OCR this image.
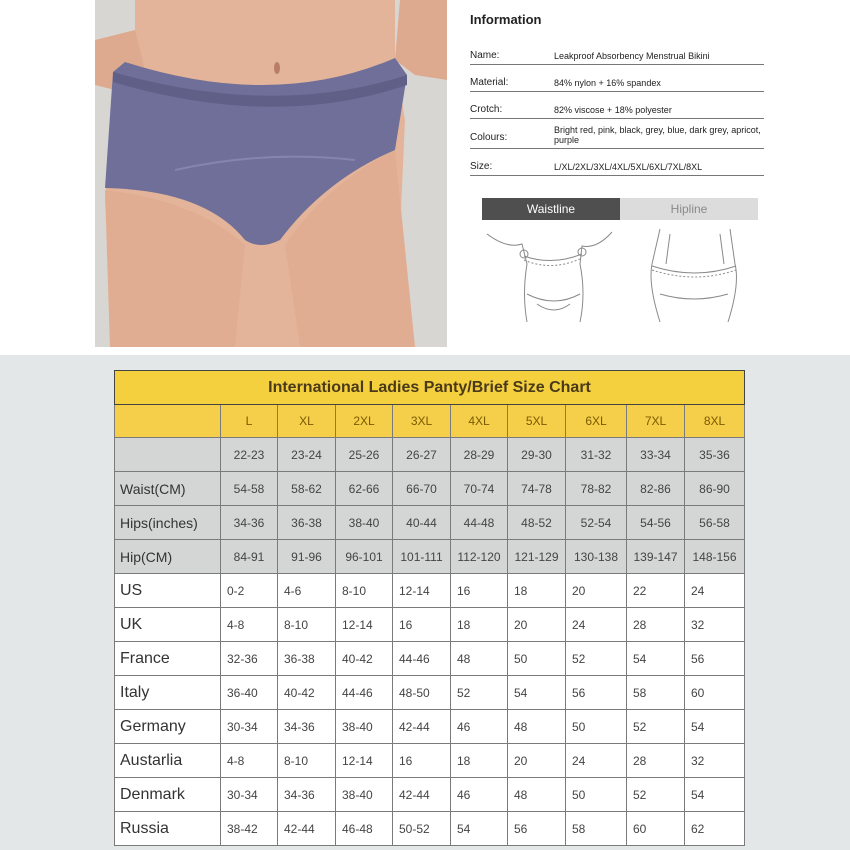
Information
Name:	Leakproof Absorbency Menstrual Bikini
Material:	84% nylon + 16% spandex
Crotch:	82% viscose + 18% polyester
Colours:
Bright red, pink, black, grey, blue, dark grey, apricot, purple
Size:	L/XL/2XL/3XL/4XL/5XL/6XL/7XL/8XL
Waistline	Hipline
International Ladies Panty/Brief Size Chart									
	L	XL	2XL	3XL	4XL	5XL	6XL	7XL	8XL
	22-23	23-24	25-26	26-27	28-29	29-30	31-32	33-34	35-36
Waist(CM)	54-58	58-62	62-66	66-70	70-74	74-78	78-82	82-86	86-90
Hips(inches)	34-36	36-38	38-40	40-44	44-48	48-52	52-54	54-56	56-58
Hip(CM)	84-91	91-96	96-101	101-111	112-120	121-129	130-138	139-147	148-156
US	0-2	4-6	8-10	12-14	16	18	20	22	24
UK	4-8	8-10	12-14	16	18	20	24	28	32
France	32-36	36-38	40-42	44-46	48	50	52	54	56
Italy	36-40	40-42	44-46	48-50	52	54	56	58	60
Germany	30-34	34-36	38-40	42-44	46	48	50	52	54
Austarlia	4-8	8-10	12-14	16	18	20	24	28	32
Denmark	30-34	34-36	38-40	42-44	46	48	50	52	54
Russia	38-42	42-44	46-48	50-52	54	56	58	60	62
